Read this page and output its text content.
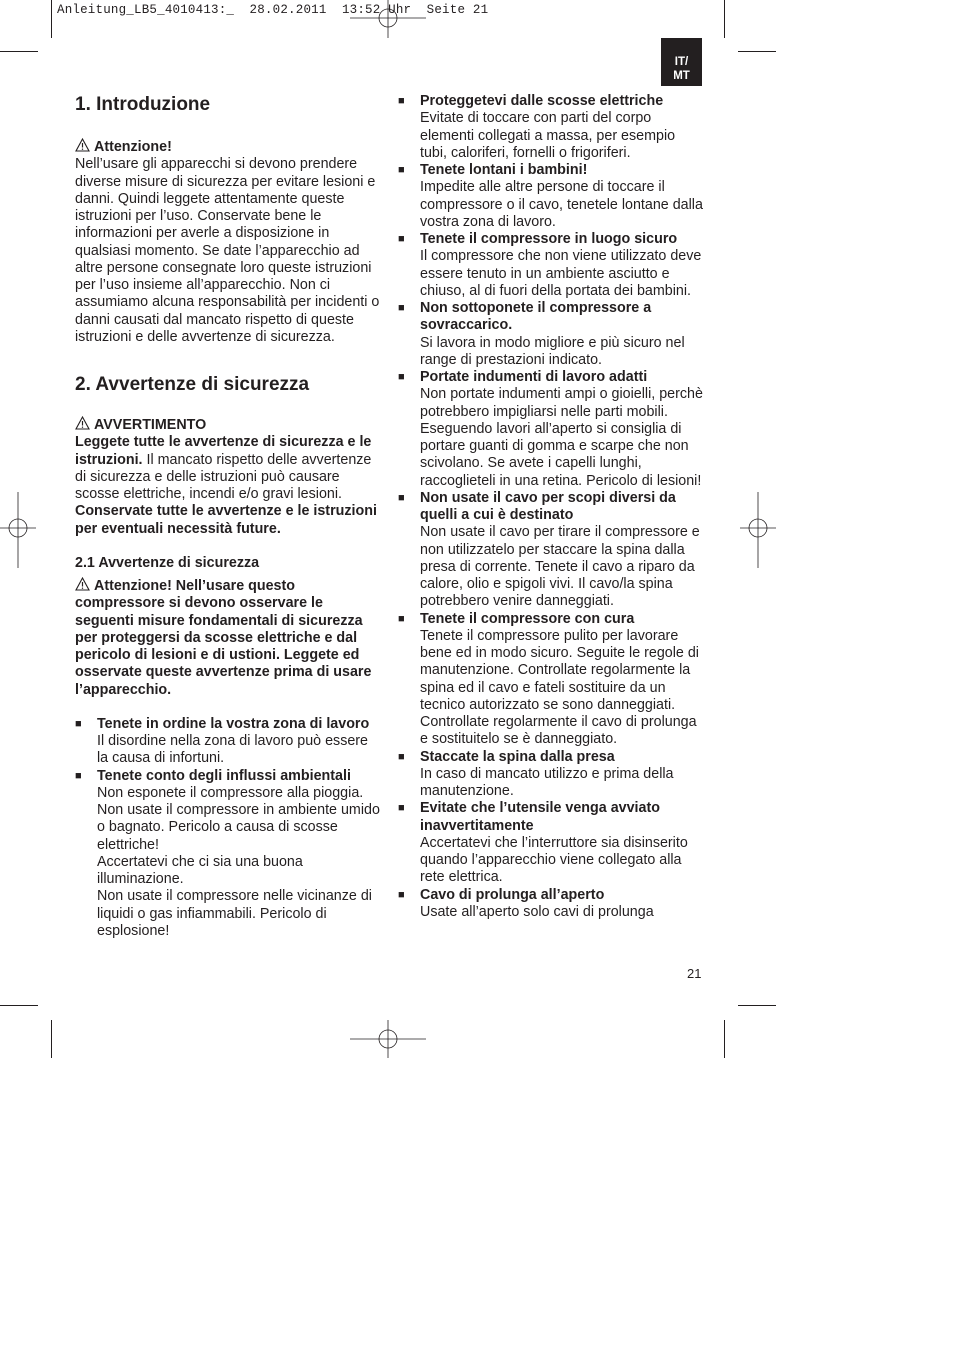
Anleitung_LB5_4010413:_  28.02.2011  13:52 Uhr  Seite 21
IT/
MT
1. Introduzione

Attenzione!

Nell’usare gli apparecchi si devono prendere diverse misure di sicurezza per evitare lesioni e danni. Quindi leggete attentamente queste istruzioni per l’uso. Conservate bene le informazioni per averle a disposizione in qualsiasi momento. Se date l’apparecchio ad altre persone consegnate loro queste istruzioni per l’uso insieme all’apparecchio. Non ci assumiamo alcuna responsabilità per incidenti o danni causati dal mancato rispetto di queste istruzioni e delle avvertenze di sicurezza.

2. Avvertenze di sicurezza

AVVERTIMENTO

Leggete tutte le avvertenze di sicurezza e le istruzioni. Il mancato rispetto delle avvertenze di sicurezza e delle istruzioni può causare scosse elettriche, incendi e/o gravi lesioni.

Conservate tutte le avvertenze e le istruzioni per eventuali necessità future.

2.1 Avvertenze di sicurezza

Attenzione! Nell’usare questo compressore si devono osservare le seguenti misure fondamentali di sicurezza per proteggersi da scosse elettriche e dal pericolo di lesioni e di ustioni. Leggete ed osservate queste avvertenze prima di usare l’apparecchio.

■	Tenete in ordine la vostra zona di lavoro

Il disordine nella zona di lavoro può essere la causa di infortuni.

■	Tenete conto degli influssi ambientali

Non esponete il compressore alla pioggia. Non usate il compressore in ambiente umido o bagnato. Pericolo a causa di scosse elettriche!

Accertatevi che ci sia una buona illuminazione.

Non usate il compressore nelle vicinanze di liquidi o gas infiammabili. Pericolo di esplosione!

■	Proteggetevi dalle scosse elettriche

Evitate di toccare con parti del corpo elementi collegati a massa, per esempio tubi, caloriferi, fornelli o frigoriferi.

■	Tenete lontani i bambini!

Impedite alle altre persone di toccare il compressore o il cavo, tenetele lontane dalla vostra zona di lavoro.

■	Tenete il compressore in luogo sicuro

Il compressore che non viene utilizzato deve essere tenuto in un ambiente asciutto e chiuso, al di fuori della portata dei bambini.

■	Non sottoponete il compressore a sovraccarico.

Si lavora in modo migliore e più sicuro nel range di prestazioni indicato.

■	Portate indumenti di lavoro adatti

Non portate indumenti ampi o gioielli, perchè potrebbero impigliarsi nelle parti mobili. Eseguendo lavori all’aperto si consiglia di portare guanti di gomma e scarpe che non scivolano. Se avete i capelli lunghi, raccoglieteli in una retina. Pericolo di lesioni!

■	Non usate il cavo per scopi diversi da quelli a cui è destinato

Non usate il cavo per tirare il compressore e non utilizzatelo per staccare la spina dalla presa di corrente. Tenete il cavo a riparo da calore, olio e spigoli vivi. Il cavo/la spina potrebbero venire danneggiati.

■	Tenete il compressore con cura

Tenete il compressore pulito per lavorare bene ed in modo sicuro. Seguite le regole di manutenzione. Controllate regolarmente la spina ed il cavo e fateli sostituire da un tecnico autorizzato se sono danneggiati. Controllate regolarmente il cavo di prolunga e sostituitelo se è danneggiato.

■	Staccate la spina dalla presa

In caso di mancato utilizzo e prima della manutenzione.

■	Evitate che l’utensile venga avviato inavvertitamente

Accertatevi che l’interruttore sia disinserito quando l’apparecchio viene collegato alla rete elettrica.

■	Cavo di prolunga all’aperto

Usate all’aperto solo cavi di prolunga

21
